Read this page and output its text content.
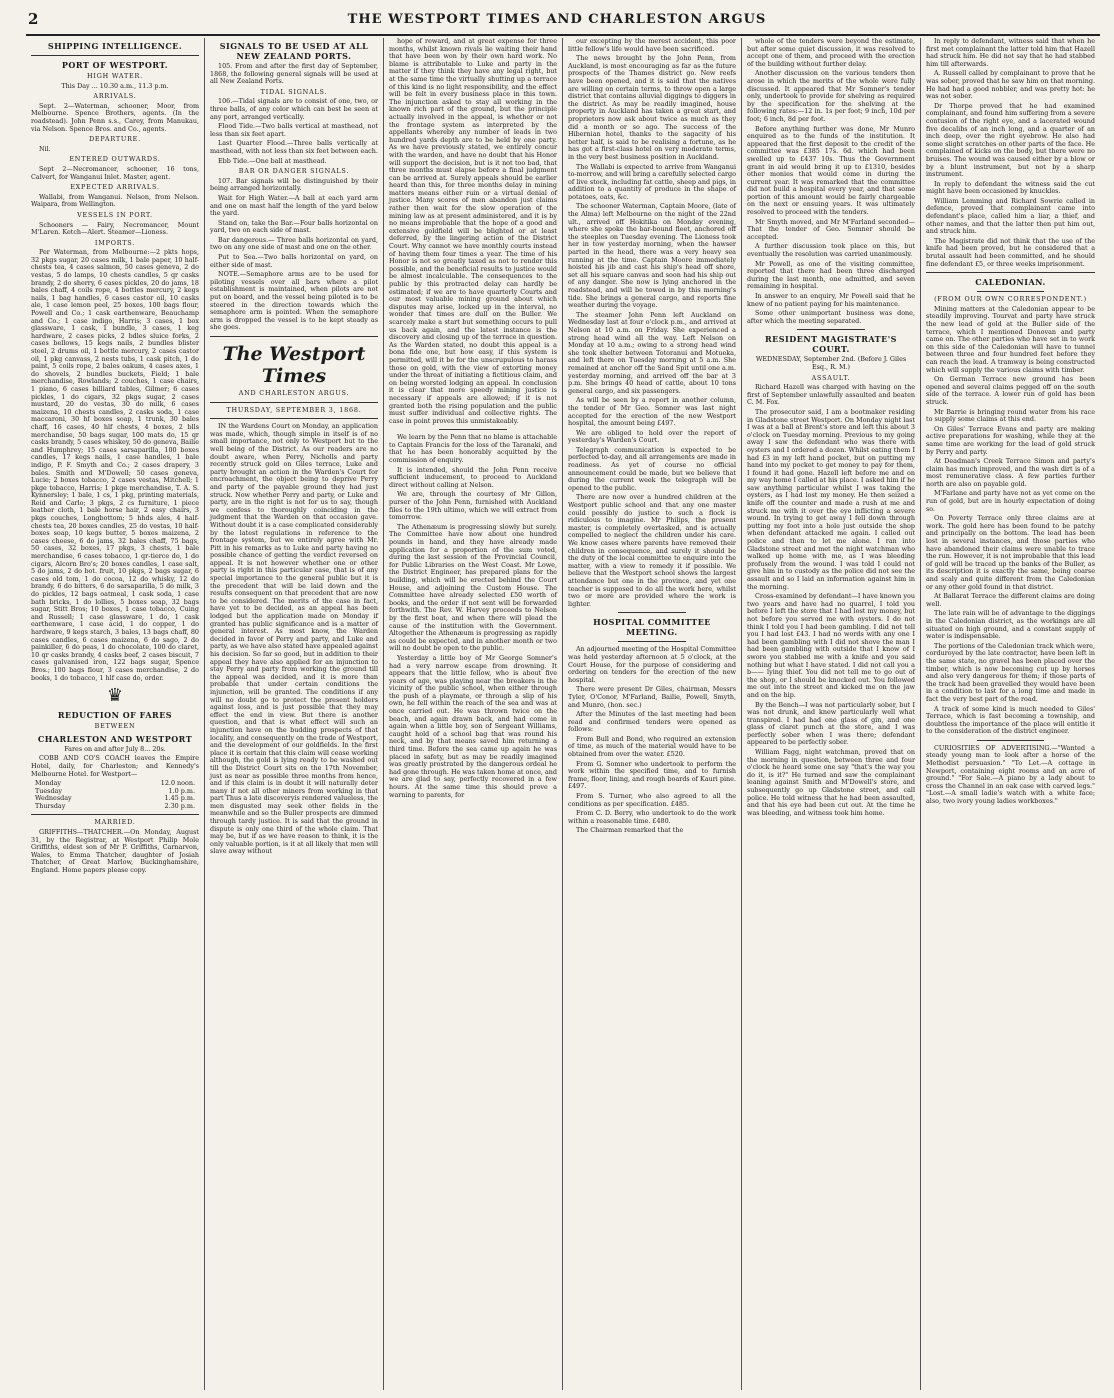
2	THE WESTPORT TIMES AND CHARLESTON ARGUS
SHIPPING INTELLIGENCE.
PORT OF WESTPORT.
HIGH WATER.

This Day ... 10.30 a.m., 11.3 p.m.

ARRIVALS.

Sept. 2—Waterman, schooner, Moor, from Melbourne. Spence Brothers, agents. (In the roadstead). John Penn s.s., Carey, from Manukau, via Nelson. Spence Bros. and Co., agents.

DEPARTURE.

Nil.

ENTERED OUTWARDS.

Sept 2—Necromancer, schooner, 16 tons, Calvert, for Wanganui Inlet. Master, agent.

EXPECTED ARRIVALS.

Wallabi, from Wanganui. Nelson, from Nelson. Waipara, from Wellington.

VESSELS IN PORT.

Schooners — Fairy, Necromancer, Mount M'Laren. Ketch—Alert. Steamer—Lioness.

IMPORTS.

Per Waterman, from Melbourne:—2 pkts hops, 32 pkgs sugar, 20 cases milk, 1 bale paper, 10 half-chests tea, 4 cases salmon, 50 cases geneva, 2 do vestas, 5 do lamps, 10 chests candles, 5 qr casks brandy, 2 do sherry, 6 cases pickles, 20 do jams, 18 bales chaff, 4 coils rope, 4 bottles mercury, 2 kegs nails, 1 bag handles, 6 cases castor oil, 10 casks ale, 1 case lemon peel, 25 boxes, 100 bags flour, Powell and Co.; 1 cask earthenware, Beauchamp and Co.; 1 case indigo, Harris; 3 cases, 1 box glassware, 1 cask, 1 bundle, 3 cases, 1 keg hardware, 2 cases picks, 2 bdles sluice forks, 2 cases bellows, 15 kegs nails, 2 bundles blister steel, 2 drums oil, 1 bottle mercury, 2 cases castor oil, 1 pkg canvass, 2 nests tubs, 1 cask pitch, 1 do paint, 5 coils rope, 2 bales oakum, 4 cases axes, 1 do shovels, 2 bundles buckets, Field; 1 bale merchandise, Rowlands; 2 couches, 1 case chairs, 1 piano, 6 cases billiard tables, Gilmer; 6 cases pickles, 1 do cigars, 32 pkgs sugar, 2 cases mustard, 20 do vestas, 30 do milk, 6 cases maizena, 10 chests candles, 2 casks soda, 1 case maccaroni, 30 hf boxes soap, 1 trunk, 30 bales chaff, 16 cases, 40 hlf chests, 4 boxes, 2 blls merchandise, 50 bags sugar, 100 mats do, 15 qr casks brandy, 5 cases whiskey, 50 do geneva, Bailie and Humphrey; 15 cases sarsaparilla, 100 boxes candles, 17 kegs nails, 1 case handles, 1 bale indigo, P. F. Smyth and Co.; 2 cases drapery, 3 bales. Smith and M'Dowell; 50 cases geneva, Lucie; 2 boxes tobacco, 2 cases vestas, Mitchell; 1 pkge tobacco, Harris; 1 pkge merchandise, T. A. S. Kynnersley; 1 bale, 1 cs, 1 pkg, printing materials, Reid and Carlo; 3 pkgs, 2 cs furniture, 1 piece leather cloth, 1 bale horse hair, 2 easy chairs, 3 pkgs couches, Longbottom; 5 hhds ales, 4 half-chests tea, 20 boxes candles, 25 do vestas, 10 half-boxes soap, 10 kegs butter, 5 boxes maizena, 2 cases cheese, 6 do jams, 32 bales chaff, 75 bags, 50 cases, 32 boxes, 17 pkgs, 3 chests, 1 bale merchandise, 6 cases tobacco, 1 qr-tierce do, 1 do cigars, Alcorn Bro's; 20 boxes candles, 1 case salt, 5 do jams, 2 do bot. fruit, 10 pkgs, 2 bags sugar, 6 cases old tom, 1 do cocoa, 12 do whisky, 12 do brandy, 6 do bitters, 6 do sarsaparilla, 5 do milk, 3 do pickles, 12 bags oatmeal, 1 cask soda, 1 case bath bricks, 1 do lollies, 5 boxes soap, 32 bags sugar, Stitt Bros; 10 boxes, 1 case tobacco, Cuing and Russell; 1 case glassware, 1 do, 1 cask earthenware, 1 case acid, 1 do copper, 1 do hardware, 9 kegs starch, 3 bales, 13 bags chaff, 80 cases candles, 6 cases maizena, 6 do sago, 2 do painkiller, 6 do peas, 1 do chocolate, 100 do claret, 10 qr casks brandy, 4 casks beef, 2 cases biscuit, 7 cases galvanised iron, 122 bags sugar, Spence Bros.; 100 bags flour, 3 cases merchandise, 2 do books, 1 do tobacco, 1 hlf case do, order.

♛
REDUCTION OF FARES
BETWEEN
CHARLESTON AND WESTPORT

Fares on and after July 8... 20s.

COBB AND CO'S COACH leaves the Empire Hotel, daily, for Charleston; and Kennedy's Melbourne Hotel. for Westport—

Monday	12.0 noon.
Tuesday	1.0 p.m.
Wednesday	1.45 p.m.
Thursday	2.30 p.m.
MARRIED.

GRIFFITHS—THATCHER.—On Monday, August 31, by the Registrar, at Westport Philip Mole Griffiths, eldest son of Mr P. Griffiths, Carnarvon, Wales, to Emma Thatcher, daughter of Josiah Thatcher, of Great Marlow, Buckinghamshire, England. Home papers please copy.

SIGNALS TO BE USED AT ALL NEW ZEALAND PORTS.

105. From and after the first day of September, 1868, the following general signals will be used at all New Zealand Ports.

TIDAL SIGNALS.

106.—Tidal signals are to consist of one, two, or three balls, of any color which can best be seen at any port, arranged vertically.

Flood Tide.—Two balls vertical at masthead, not less than six feet apart.

Last Quarter Flood.—Three balls vertically at masthead, with not less than six feet between each.

Ebb Tide.—One ball at masthead.

BAR OR DANGER SIGNALS.

107. Bar signals will be distinguished by their being arranged horizontally.

Wait for High Water.—A ball at each yard arm and one on mast half the length of the yard below the yard.

Stand on, take the Bar.—Four balls horizontal on yard, two on each side of mast.

Bar dangerous.— Three balls horizontal on yard, two on any one side of mast and one on the other.

Put to Sea.—Two balls horizontal on yard, on either side of mast.

NOTE.—Semaphore arms are to be used for piloting vessels over all bars where a pilot establishment is maintained, when pilots are not put on board, and the vessel being piloted is to be steered in the direction towards which the semaphore arm is pointed. When the semaphore arm is dropped the vessel is to be kept steady as she goes.

The Westport Times
AND CHARLESTON ARGUS.
THURSDAY, SEPTEMBER 3, 1868.

IN the Wardens Court on Monday, an application was made, which, though simple in itself is of no small importance, not only to Westport but to the well being of the District. As our readers are no doubt aware, when Perry, Nicholls and party recently struck gold on Giles terrace, Luke and party brought an action in the Warden's Court for encroachment, the object being to deprive Perry and party of the payable ground they had just struck. Now whether Perry and party, or Luke and party, are in the right is not for us to say, though we confess to thoroughly coinciding in the judgment that the Warden on that occasion gave. Without doubt it is a case complicated considerably by the latest regulations in reference to the frontage system, but we entirely agree with Mr. Pitt in his remarks as to Luke and party having no possible chance of getting the verdict reversed on appeal. It is not however whether one or other party is right in this particular case, that is of any special importance to the general public but it is the precedent that will be laid down and the results consequent on that precedent that are now to be considered. The merits of the case in fact, have yet to be decided, as an appeal has been lodged but the application made on Monday if granted has public significance and is a matter of general interest. As most know, the Warden decided in favor of Perry and party, and Luke and party, as we have also stated have appealed against his decision. So far so good, but in addition to their appeal they have also applied for an injunction to stay Perry and party from working the ground till the appeal was decided, and it is more than probable that under certain conditions the injunction, will be granted. The conditions if any will no doubt go to protect the present holders against loss, and is just possible that they may effect the end in view. But there is another question, and that is what effect will such an injunction have on the budding prospects of that locality, and consequently on the trade of Westport, and the development of our goldfields. In the first place it is certain that this claim will cease working although, the gold is lying ready to be washed out till the District Court sits on the 17th November, just as near as possible three months from hence, and if this claim is in doubt it will naturally deter many if not all other miners from working in that part Thus a late discoveryis rendered valueless, the men disgusted may seek other fields in the meanwhile and so the Buller prospects are dimmed through tardy justice. It is said that the ground in dispute is only one third of the whole claim. That may be, but if as we have reason to think, it is the only valuable portion, is it at all likely that men will slave away without

hope of reward, and at great expense for three months, whilst known rivals lie waiting their hand that have been won by their own hard work. No blame is attributable to Luke and party in the matter if they think they have any legal right, but at the same time the virtually shutting up a terrace of this kind is no light responsibility, and the effect will be felt in every business place in this town. The injunction asked to stay all working in the known rich part of the ground, but the principle actually involved in the appeal, is whether or not the frontage system as interpreted by the appellants whereby any number of leads in two hundred yards depth are to be held by one party. As we have previously stated, we entirely concur with the warden, and have no doubt that his Honor will support the decision, but is it not too bad, that three months must elapse before a final judgment can be arrived at. Surely appeals should be earlier heard than this, for three months delay in mining matters means either ruin or a virtual denial of justice. Many scores of men abandon just claims rather then wait for the slow operation of the mining law as at present administered, and it is by no means improbable that the hope of a good and extensive goldfield will be blighted or at least deferred, by the lingering action of the District Court. Why cannot we have monthly courts instead of having them four times a year. The time of his Honor is not so greatly taxed as not to render this possible, and the beneficial results to justice would be almost incalculable. The consequences to the public by this protracted delay can hardly be estimated; if we are to have quarterly Courts and our most valuable mining ground about which disputes may arise, locked up in the interval, no wonder that times are dull on the Buller. We scarcely make a start but something occurs to pull us back again, and the latest instance is the discovery and closing up of the terrace in question. As the Warden stated, no doubt this appeal is a bona fide one, but how easy, if this system is permitted, will it be for the unscrupulous to harass those on gold, with the view of extorting money under the threat of initiating a fictitious claim, and on being worsted lodging an appeal. In conclusion it is clear that more speedy mining justice is necessary if appeals are allowed; if it is not granted both the rising population and the public must suffer individual and collective rights. The case in point proves this unmistakeably.

We learn by the Penn that no blame is attachable to Captain Francis for the loss of the Taranaki, and that he has been honorably acquitted by the commission of enquiry.

It is intended, should the John Penn receive sufficient inducement, to proceed to Auckland direct without calling at Nelson.

We are, through the courtesy of Mr Gillon, purser of the John Penn, furnished with Auckland files to the 19th ultimo, which we will extract from tomorrow.

The Athenæum is progressing slowly but surely. The Committee have now about one hundred pounds in hand, and they have already made application for a proportion of the sum voted, during the last session of the Provincial Council, for Public Libraries on the West Coast. Mr Lowe, the District Engineer, has prepared plans for the building, which will be erected behind the Court House, and adjoining the Custom House. The Committee have already selected £50 worth of books, and the order if not sent will be forwarded forthwith. The Rev. W. Harvey proceeds to Nelson by the first boat, and when there will plead the cause of the institution with the Government. Altogether the Athenæum is progressing as rapidly as could be expected, and in another month or two will no doubt be open to the public.

Yesterday a little boy of Mr George Somner's had a very narrow escape from drowning. It appears that the little fellow, who is about five years of age, was playing near the breakers in the vicinity of the public school, when either through the push of a playmate, or through a slip of his own, he fell within the reach of the sea and was at once carried out. He was thrown twice on the beach, and again drawn back, and had come in again when a little boy, son of Sergeant Williams, caught hold of a school bag that was round his neck, and by that means saved him returning a third time. Before the sea came up again he was placed in safety, but as may be readily imagined was greatly prostrated by the dangerous ordeal he had gone through. He was taken home at once, and we are glad to say, perfectly recovered in a few hours. At the same time this should prove a warning to parents, for

our excepting by the merest accident, this poor little fellow's life would have been sacrificed.

The news brought by the John Penn, from Auckland, is most encouraging as far as the future prospects of the Thames district go. New reefs have been opened, and it is said that the natives are willing on certain terms, to throw open a large district that contains alluvial diggings to diggers in the district. As may be readily imagined, house property in Auckland has taken a great start, and proprietors now ask about twice as much as they did a month or so ago. The success of the Hibernian hotel, thanks to the sagacity of his better half, is said to be realising a fortune, as he has got a first-class hotel on very moderate terms, in the very best business position in Auckland.

The Wallabi is expected to arrive from Wanganui to-morrow, and will bring a carefully selected cargo of live stock, including fat cattle, sheep and pigs, in addition to a quantity of produce in the shape of potatoes, oats, &c.

The schooner Waterman, Captain Moore, (late of the Alma) left Melbourne on the night of the 22nd ult., arrived off Hokitika on Monday evening, where she spoke the bar-bound fleet, anchored off the steeples on Tuesday evening. The Lioness took her in tow yesterday morning, when the hawser parted in the head, there was a very heavy sea running at the time. Captain Moore immediately hoisted his jib and cast his ship's head off shore, set all his square canvas and soon had his ship out of any danger. She now is lying anchored in the roadstead, and will be towed in by this morning's tide. She brings a general cargo, and reports fine weather during the voyage.

The steamer John Penn left Auckland on Wednesday last at four o'clock p.m., and arrived at Nelson at 10 a.m. on Friday. She experienced a strong head wind all the way. Left Nelson on Monday at 10 a.m.; owing to a strong head wind she took shelter between Totoranui and Motueka, and left there on Tuesday morning at 5 a.m. She remained at anchor off the Sand Spit until one a.m. yesterday morning, and arrived off the bar at 3 p.m. She brings 40 head of cattle, about 10 tons general cargo, and six passengers.

As will be seen by a report in another column, the tender of Mr Geo. Somner was last night accepted for the erection of the new Westport hospital, the amount being £497.

We are obliged to hold over the report of yesterday's Warden's Court.

Telegraph communication is expected to be perfected to-day, and all arrangements are made in readiness. As yet of course no official announcement could be made, but we believe that during the current week the telegraph will be opened to the public.

There are now over a hundred children at the Westport public school and that any one master could possibly do justice to such a flock is ridiculous to imagine. Mr Philips, the present master, is completely overtasked, and is actually compelled to neglect the children under his care. We know cases where parents have removed their children in consequence, and surely it should be the duty of the local committee to enquire into the matter, with a view to remedy it if possible. We believe that the Westport school shows the largest attendance but one in the province, and yet one teacher is supposed to do all the work here, whilst two or more are provided where the work is lighter.

HOSPITAL COMMITTEE MEETING.

An adjourned meeting of the Hospital Committee was held yesterday afternoon at 5 o'clock, at the Court House, for the purpose of considering and ordering on tenders for the erection of the new hospital.

There were present Dr Giles, chairman, Messrs Tyler, O'Conor, M'Farland, Bailie, Powell, Smyth, and Munro, (hon. sec.)

After the Minutes of the last meeting had been read and confirmed tenders were opened as follows:

From Bull and Bond, who required an extension of time, as much of the material would have to be obtained from over the water. £520.

From G. Somner who undertook to perform the work within the specified time, and to furnish frame, floor, lining, and rough boards of Kauri pine. £497.

From S. Turner, who also agreed to all the conditions as per specification. £485.

From C. D. Berry, who undertook to do the work within a reasonable time. £480.

The Chairman remarked that the

whole of the tenders were beyond the estimate, but after some quiet discussion, it was resolved to accept one of them, and proceed with the erection of the building without further delay.

Another discussion on the various tenders then arose in which the merits of the whole were fully discussed. It appeared that Mr Somner's tender only, undertook to provide for shelving as required by the specification for the shelving at the following rates:—12 in. 1s per foot; 9 inch, 10d per foot; 6 inch, 8d per foot.

Before anything further was done, Mr Munro enquired as to the funds of the institution. It appeared that the first deposit to the credit of the committee was £385 17s. 6d. which had been swelled up to £437 10s. Thus the Government grant in aid would bring it up to £1310, besides other monies that would come in during the current year. It was remarked that the committee did not build a hospital every year, and that some portion of this amount would be fairly chargeable on the next or ensuing years. It was ultimately resolved to proceed with the tenders.

Mr Smyth moved, and Mr M'Farland seconded—That the tender of Geo. Somner should be accepted.

A further discussion took place on this, but eventually the resolution was carried unanimously.

Mr Powell, as one of the visiting committee, reported that there had been three discharged during the last month, one admitted, and seven remaining in hospital.

In answer to an enquiry, Mr Powell said that he knew of no patient paying for his maintenance.

Some other unimportant business was done, after which the meeting separated.

RESIDENT MAGISTRATE'S COURT.

WEDNESDAY, September 2nd. (Before J. Giles Esq., R. M.)

ASSAULT.

Richard Hazell was charged with having on the first of September unlawfully assaulted and beaten C. M. Fox.

The prosecutor said, I am a bootmaker residing in Gladstone street Westport. On Monday night last I was at a ball at Brent's store and left this about 3 o'clock on Tuesday morning. Previous to my going away I saw the defendant who was there with oysters and I ordered a dozen. Whilst eating them I had £3 in my left hand pocket, but on putting my hand into my pocket to get money to pay for them, I found it had gone. Hazell left before me and on my way home I called at his place. I asked him if he saw anything particular whilst I was taking the oysters, as I had lost my money. He then seized a knife off the counter and made a rush at me and struck me with it over the eye inflicting a severe wound. In trying to get away I fell down through putting my foot into a hole just outside the shop when defendant attacked me again. I called out police and then to let me alone. I ran into Gladstone street and met the night watchman who walked up home with me, as I was bleeding profusely from the wound. I was told I could not give him in to custody as the police did not see the assault and so I laid an information against him in the morning.

Cross-examined by defendant—I have known you two years and have had no quarrel, I told you before I left the store that I had lost my money, but not before you served me with oysters. I do not think I told you I had been gambling. I did not tell you I had lost £43. I had no words with any one I had been gambling with I did not shove the man I had been gambling with outside that I know of I swore you stabbed me with a knife and you said nothing but what I have stated. I did not call you a b—— lying thief. You did not tell me to go out of the shop, or I should be knocked out. You followed me out into the street and kicked me on the jaw and on the hip.

By the Bench—I was not particularly sober, but I was not drunk, and knew particularly well what transpired. I had had one glass of gin, and one glass of claret punch at the store, and I was perfectly sober when I was there; defendant appeared to be perfectly sober.

William Fagg, night watchman, proved that on the morning in question, between three and four o'clock he heard some one say "that's the way you do it, is it?" He turned and saw the complainant leaning against Smith and M'Dowell's store, and subsequently go up Gladstone street, and call police. He told witness that he had been assaulted, and that his eye had been cut out. At the time he was bleeding, and witness took him home.

In reply to defendant, witness said that when he first met complainant the latter told him that Hazell had struck him. He did not say that he had stabbed him till afterwards.

A. Russell called by complainant to prove that he was sober, proved that he saw him on that morning. He had had a good nobbler, and was pretty hot: he was not sober.

Dr Thorpe proved that he had examined complainant, and found him suffering from a severe contusion of the right eye, and a lacerated wound five decalibs of an inch long, and a quarter of an inch deep, over the right eyebrow. He also had some slight scratches on other parts of the face. He complained of kicks on the body, but there were no bruises. The wound was caused either by a blow or by a blunt instrument, but not by a sharp instrument.

In reply to defendant the witness said the cut might have been occasioned by knuckles.

William Lemming and Richard Sowrie called in defence, proved that complainant came into defendant's place, called him a liar, a thief, and other names, and that the latter then put him out, and struck him.

The Magistrate did not think that the use of the knife had been proved, but he considered that a brutal assault had been committed, and he should fine defendant £5, or three weeks imprisonment.

CALEDONIAN.
(FROM OUR OWN CORRESPONDENT.)

Mining matters at the Caledonian appear to be steadily improving. Tourvat and party have struck the new lead of gold at the Buller side of the terrace, which I mentioned Donovan and party came on. The other parties who have set in to work on this side of the Caledonian will have to tunnel between three and four hundred feet before they can reach the lead. A tramway is being constructed which will supply the various claims with timber.

On German Terrace new ground has been opened and several claims pegged off on the south side of the terrace. A lower run of gold has been struck.

Mr Barrie is bringing round water from his race to supply some claims at this end.

On Giles' Terrace Evans and party are making active preparations for washing, while they at the same time are working for the lead of gold struck by Perry and party.

At Deadman's Creek Terrace Simon and party's claim has much improved, and the wash dirt is of a most remunerative class. A few parties further north are also on payable gold.

M'Farlane and party have not as yet come on the run of gold, but are in hourly expectation of doing so.

On Poverty Terrace only three claims are at work. The gold here has been found to be patchy and principally on the bottom. The lead has been lost in several instances, and those parties who have abandoned their claims were unable to trace the run. However, it is not improbable that this lead of gold will be traced up the banks of the Buller, as its description it is exactly the same, being coarse and scaly and quite different from the Caledonian or any other gold found in that district.

At Ballarat Terrace the different claims are doing well.

The late rain will be of advantage to the diggings in the Caledonian district, as the workings are all situated on high ground, and a constant supply of water is indispensable.

The portions of the Caledonian track which were, corduroyed by the late contractor, have been left in the same state, no gravel has been placed over the timber, which is now becoming cut up by horses and also very dangerous for them; if those parts of the track had been gravelled they would have been in a condition to last for a long time and made in fact the very best part of the road.

A track of some kind is much needed to Giles' Terrace, which is fast becoming a township, and doubtless the importance of the place will entitle it to the consideration of the district engineer.

CURIOSITIES OF ADVERTISING.—"Wanted a steady young man to look after a horse of the Methodist persuasion." "To Let.—A cottage in Newport, containing eight rooms and an acre of ground." "For Sale.—A piano by a lady about to cross the Channel in an oak case with carved legs." "Lost.—A small ladie's watch with a white face; also, two ivory young ladies workboxes."
